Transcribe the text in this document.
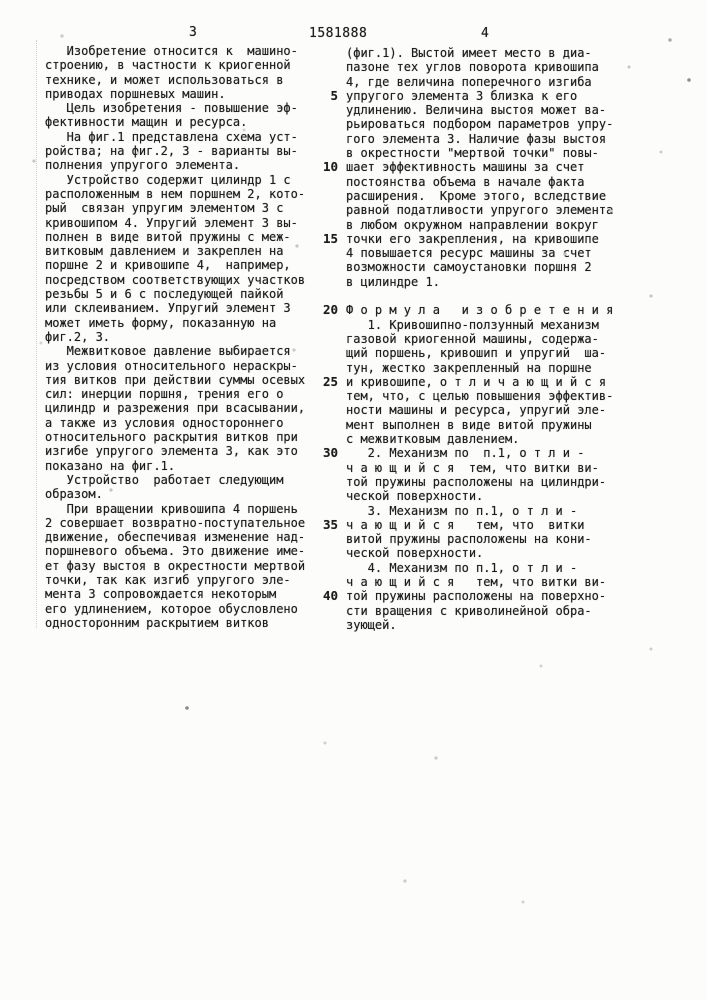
3	1581888	4
Изобретение относится к  машино-
строению, в частности к криогенной
технике, и может использоваться в
приводах поршневых машин.
Цель изобретения - повышение эф-
фективности мащин и ресурса.
На фиг.1 представлена схема уст-
ройства; на фиг.2, 3 - варианты вы-
полнения упругого элемента.
Устройство содержит цилиндр 1 с
расположенным в нем поршнем 2, кото-
рый  связан упругим элементом 3 с
кривошипом 4. Упругий элемент 3 вы-
полнен в виде витой пружины с меж-
витковым давлением и закреплен на
поршне 2 и кривошипе 4,  например,
посредством соответствующих участков
резьбы 5 и 6 с последующей пайкой
или склеиванием. Упругий элемент 3
может иметь форму, показанную на
фиг.2, 3.
Межвитковое давление выбирается
из условия относительного нераскры-
тия витков при действии суммы осевых
сил: инерции поршня, трения его о
цилиндр и разрежения при всасывании,
а также из условия одностороннего
относительного раскрытия витков при
изгибе упругого элемента 3, как это
показано на фиг.1.
Устройство  работает следующим
образом.
При вращении кривошипа 4 поршень
2 совершает возвратно-поступательное
движение, обеспечивая изменение над-
поршневого объема. Это движение име-
ет фазу выстоя в окрестности мертвой
точки, так как изгиб упругого эле-
мента 3 сопровождается некоторым
его удлинением, которое обусловлено
односторонним раскрытием витков

5

10

15

20

25

30

35

40

(фиг.1). Выстой имеет место в диа-
пазоне тех углов поворота кривошипа
4, где величина поперечного изгиба
упругого элемента 3 близка к его
удлинению. Величина выстоя может ва-
рьироваться подбором параметров упру-
гого элемента 3. Наличие фазы выстоя
в окрестности "мертвой точки" повы-
шает эффективность машины за счет
постоянства объема в начале факта
расширения.  Кроме этого, вследствие
равной податливости упругого элемента
в любом окружном направлении вокруг
точки его закрепления, на кривошипе
4 повышается ресурс машины за счет
возможности самоустановки поршня 2
в цилиндре 1.

Ф о р м у л а   и з о б р е т е н и я
1. Кривошипно-ползунный механизм
газовой криогенной машины, содержа-
щий поршень, кривошип и упругий  ша-
тун, жестко закрепленный на поршне
и кривошипе, о т л и ч а ю щ и й с я
тем, что, с целью повышения эффектив-
ности машины и ресурса, упругий эле-
мент выполнен в виде витой пружины
с межвитковым давлением.
2. Механизм по  п.1, о т л и -
ч а ю щ и й с я  тем, что витки ви-
той пружины расположены на цилиндри-
ческой поверхности.
3. Механизм по п.1, о т л и -
ч а ю щ и й с я   тем, что  витки
витой пружины расположены на кони-
ческой поверхности.
4. Механизм по п.1, о т л и -
ч а ю щ и й с я   тем, что витки ви-
той пружины расположены на поверхно-
сти вращения с криволинейной обра-
зующей.
